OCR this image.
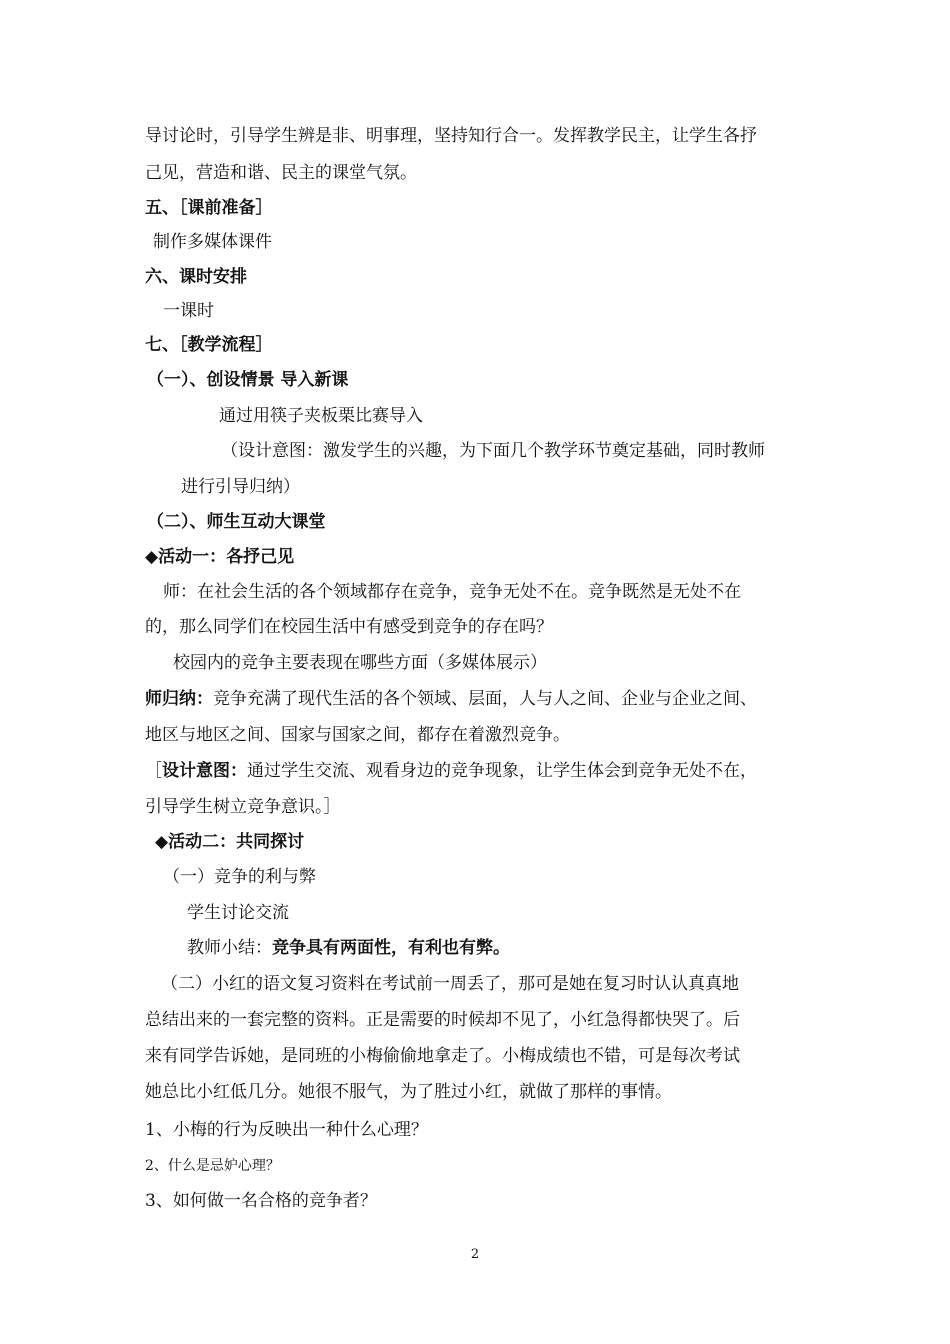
导讨论时，引导学生辨是非、明事理，坚持知行合一。发挥教学民主，让学生各抒
己见，营造和谐、民主的课堂气氛。
五、［课前准备］
制作多媒体课件
六、课时安排
一课时
七、［教学流程］
（一）、创设情景 导入新课
通过用筷子夹板栗比赛导入
（设计意图：激发学生的兴趣，为下面几个教学环节奠定基础，同时教师
进行引导归纳）
（二）、师生互动大课堂
◆活动一：各抒己见
师：在社会生活的各个领域都存在竞争，竞争无处不在。竞争既然是无处不在
的，那么同学们在校园生活中有感受到竞争的存在吗？
校园内的竞争主要表现在哪些方面（多媒体展示）
师归纳：竞争充满了现代生活的各个领域、层面，人与人之间、企业与企业之间、
地区与地区之间、国家与国家之间，都存在着激烈竞争。
［设计意图：通过学生交流、观看身边的竞争现象，让学生体会到竞争无处不在，
引导学生树立竞争意识。］
◆活动二：共同探讨
（一）竞争的利与弊
学生讨论交流
教师小结：竞争具有两面性，有利也有弊。
（二）小红的语文复习资料在考试前一周丢了，那可是她在复习时认认真真地
总结出来的一套完整的资料。正是需要的时候却不见了，小红急得都快哭了。后
来有同学告诉她，是同班的小梅偷偷地拿走了。小梅成绩也不错，可是每次考试
她总比小红低几分。她很不服气，为了胜过小红，就做了那样的事情。
1、小梅的行为反映出一种什么心理？
2、什么是忌妒心理？
3、如何做一名合格的竞争者？
2
